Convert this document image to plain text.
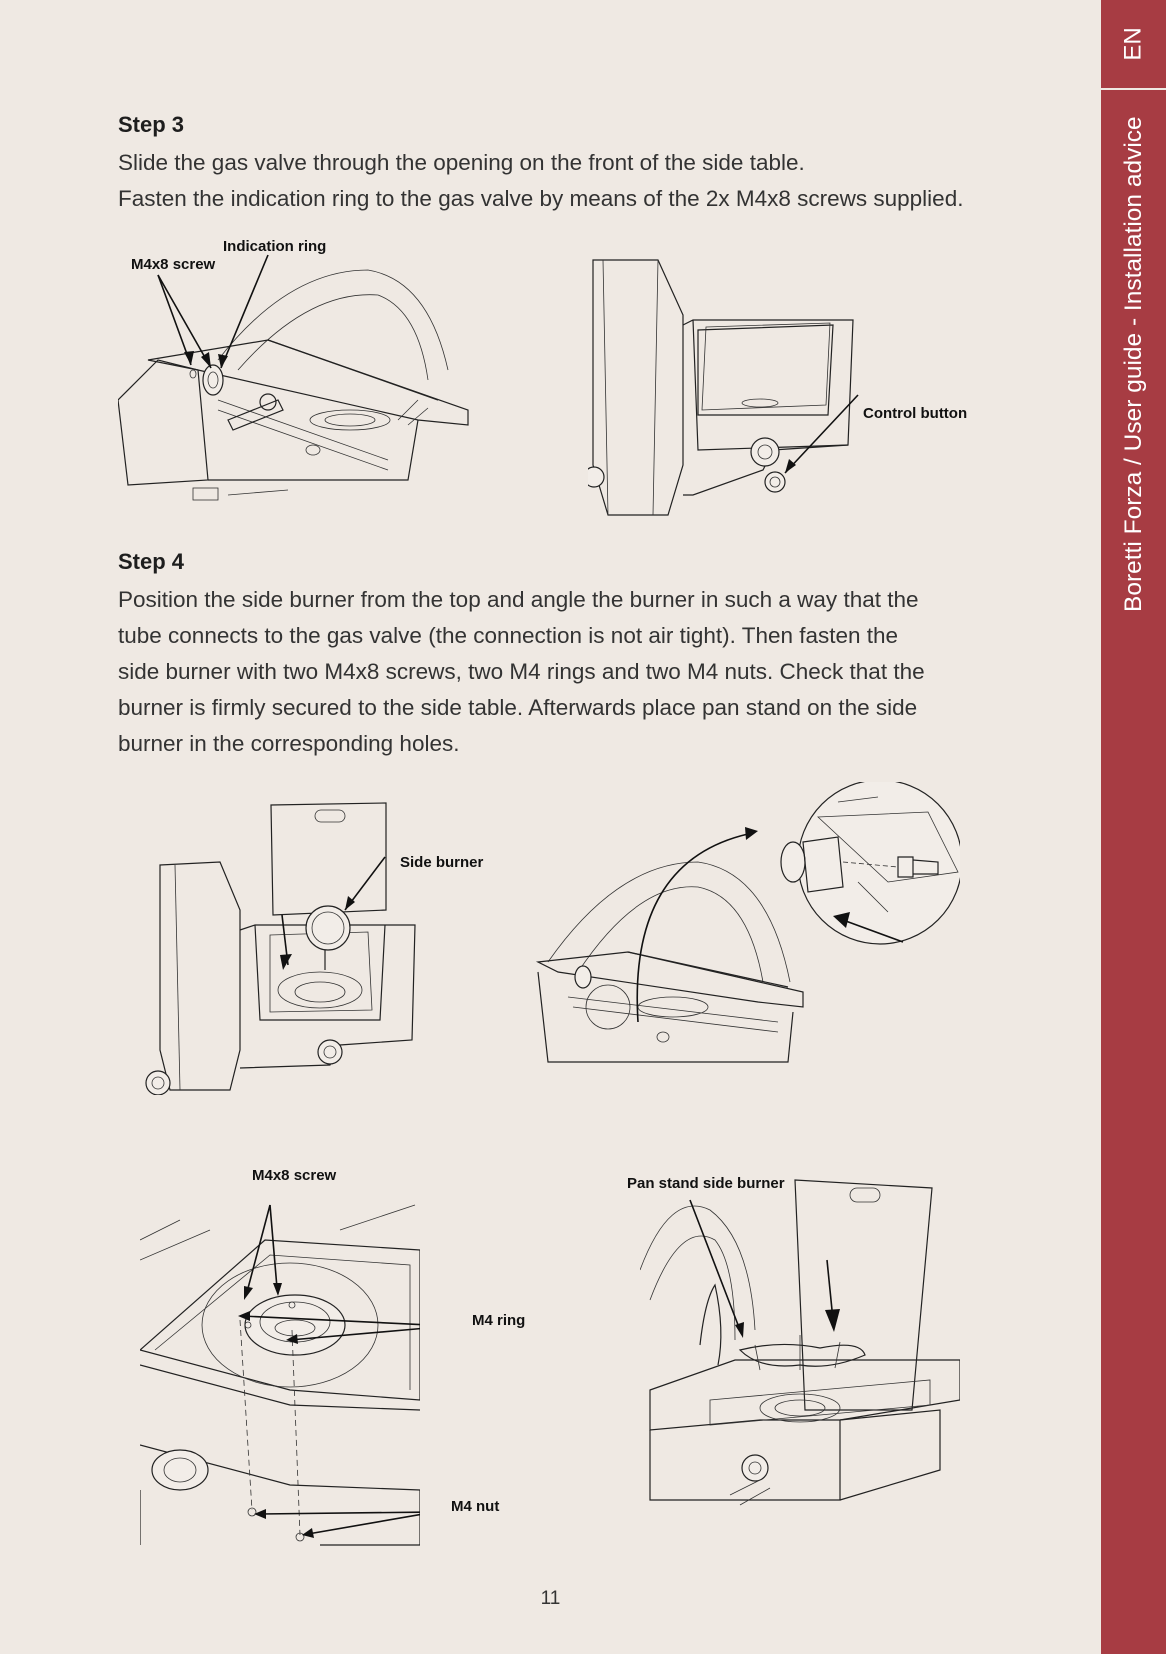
EN
Boretti Forza / User guide - Installation advice
Step 3
Slide the gas valve through the opening on the front of the side table.
Fasten the indication ring to the gas valve by means of the 2x M4x8 screws supplied.
M4x8 screw
Indication ring
Control button
Step 4
Position the side burner from the top and angle the burner in such a way that the
tube connects to the gas valve (the connection is not air tight). Then fasten the
side burner with two M4x8 screws, two M4 rings and two M4 nuts. Check that the
burner is firmly secured to the side table. Afterwards place pan stand on the side
burner in the corresponding holes.
Side burner
M4x8 screw
M4 ring
M4 nut
Pan stand side burner
11
